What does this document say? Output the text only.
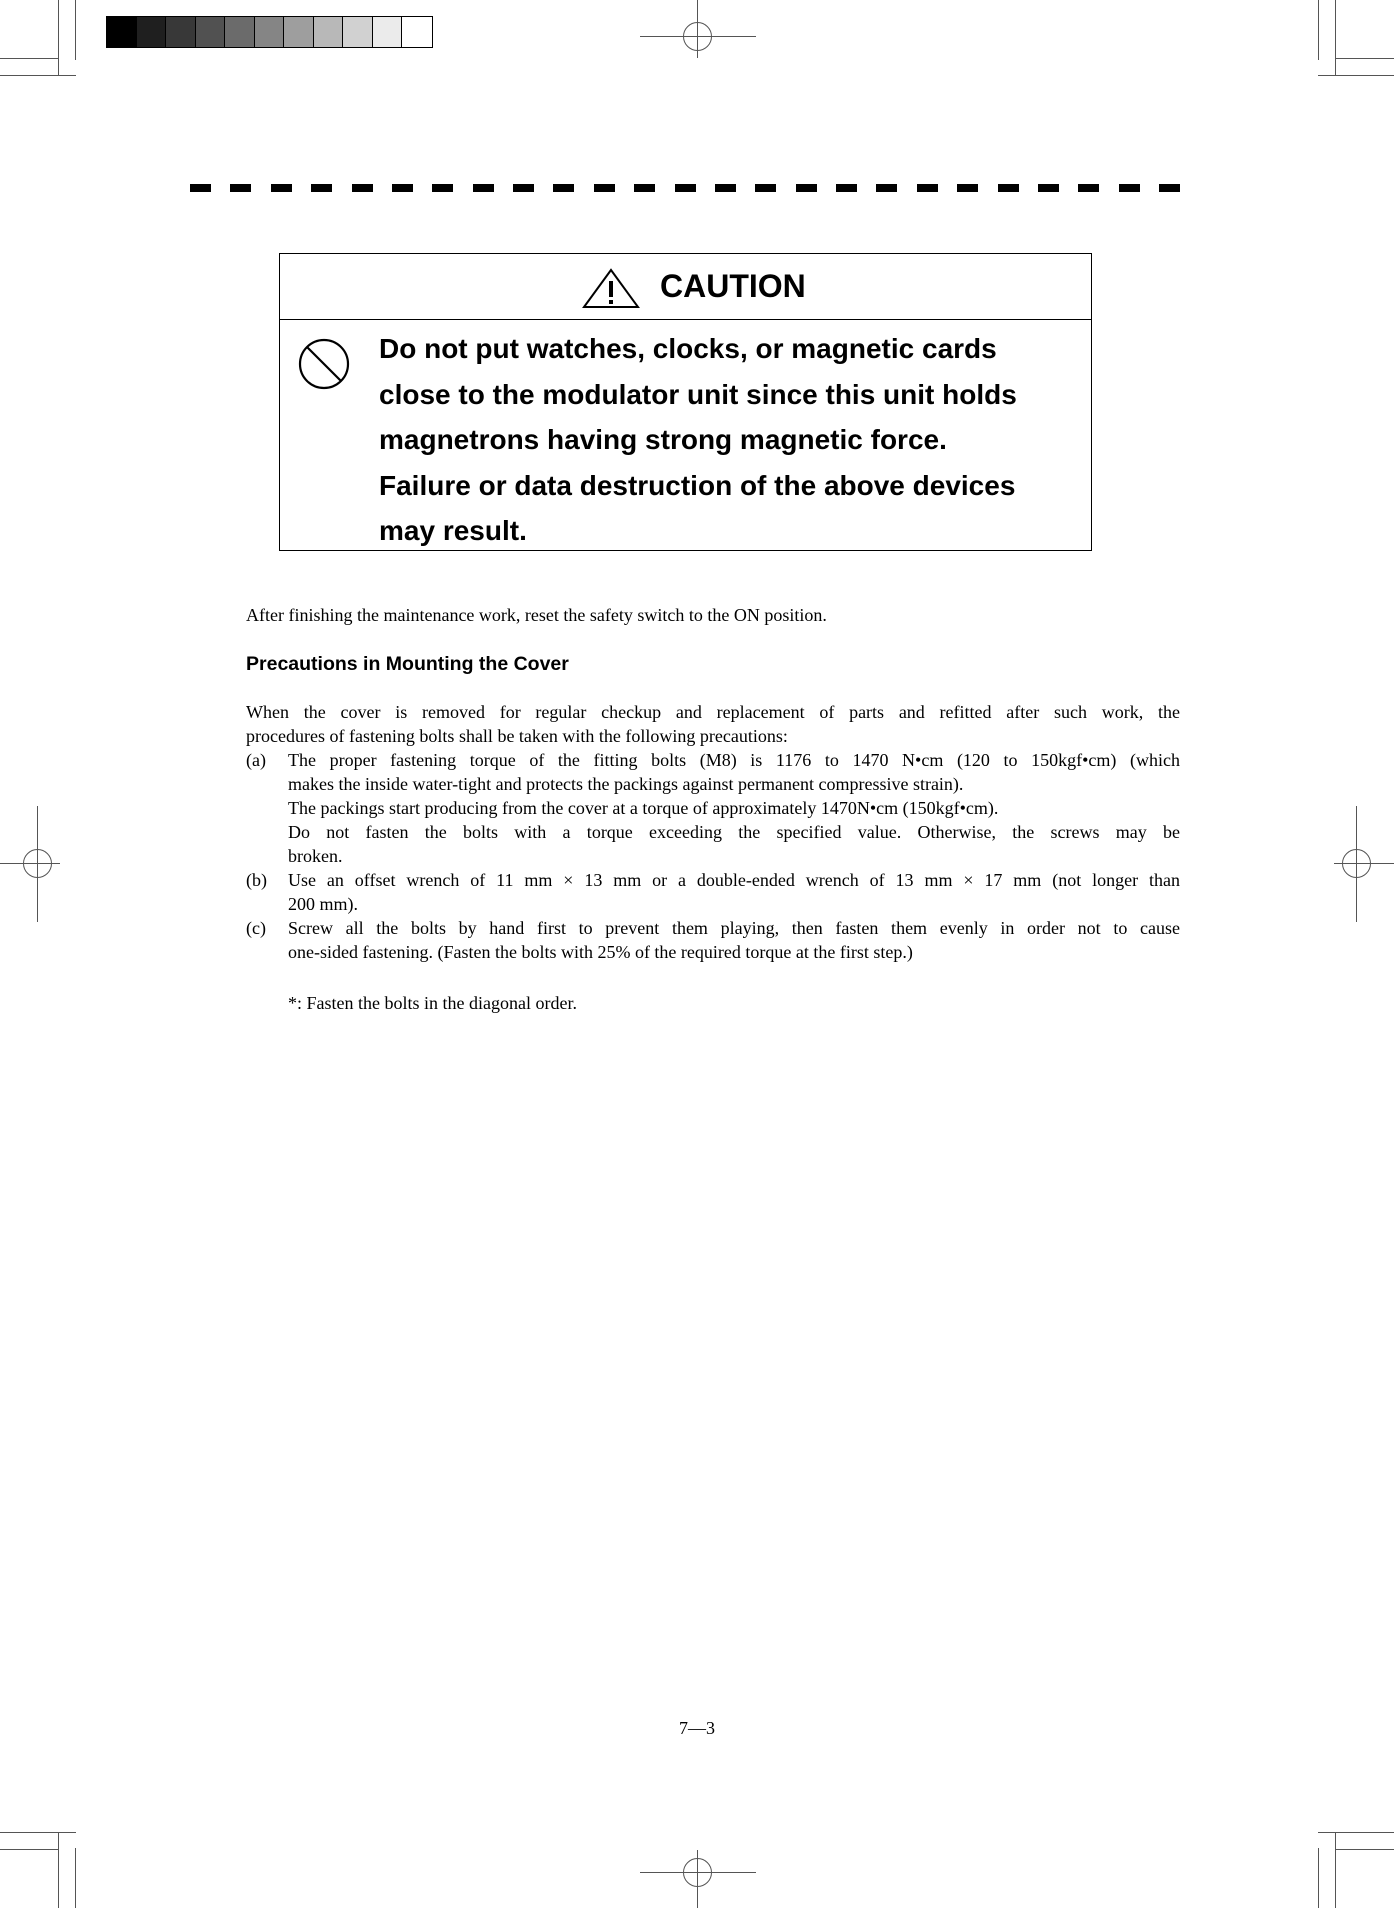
CAUTION
Do not put watches, clocks, or magnetic cards
close to the modulator unit since this unit holds
magnetrons having strong magnetic force.
Failure or data destruction of the above devices
may result.
After finishing the maintenance work, reset the safety switch to the ON position.
Precautions in Mounting the Cover
When the cover is removed for regular checkup and replacement of parts and refitted after such work, the
procedures of fastening bolts shall be taken with the following precautions:
(a)	The proper fastening torque of the fitting bolts (M8) is 1176 to 1470 N•cm (120 to 150kgf•cm) (which
makes the inside water-tight and protects the packings against permanent compressive strain).
The packings start producing from the cover at a torque of approximately 1470N•cm (150kgf•cm).
Do not fasten the bolts with a torque exceeding the specified value. Otherwise, the screws may be
broken.
(b)	Use an offset wrench of 11 mm × 13 mm or a double-ended wrench of 13 mm × 17 mm (not longer than
200 mm).
(c)	Screw all the bolts by hand first to prevent them playing, then fasten them evenly in order not to cause
one-sided fastening. (Fasten the bolts with 25% of the required torque at the first step.)
*: Fasten the bolts in the diagonal order.
7—3
